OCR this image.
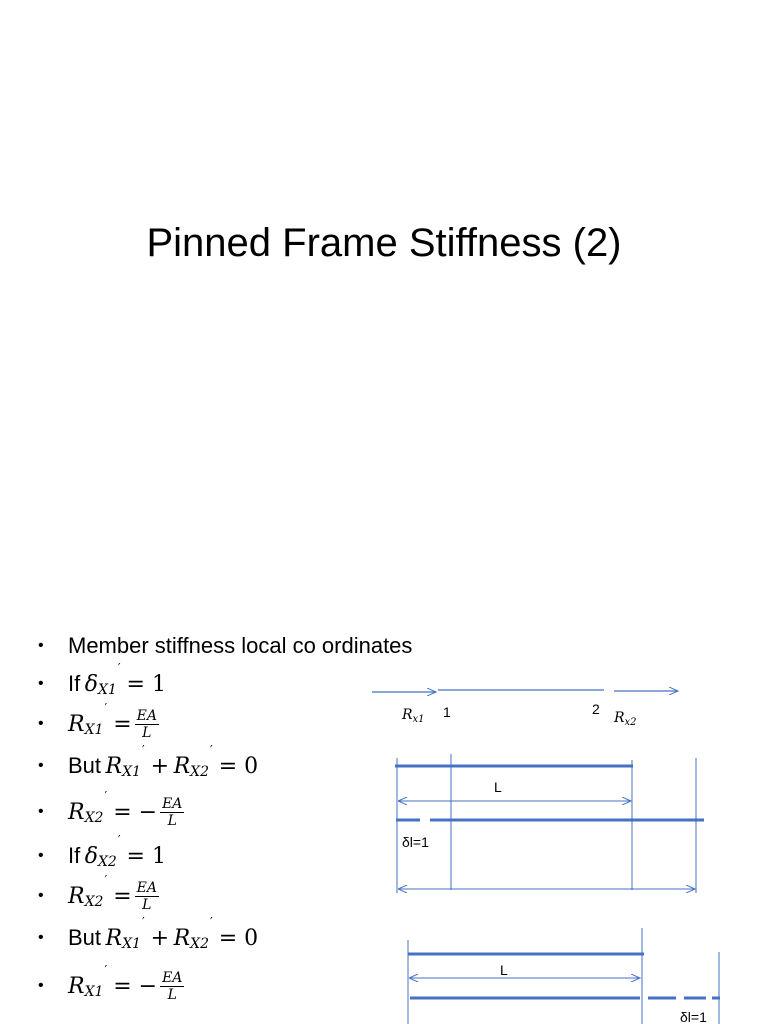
Pinned Frame Stiffness (2)
•	Member stiffness local co ordinates
•	If
δ X1
′
= 1
•	R X1
′
= $\frac{EA}{L}$
•	But
R X1
′
+
R X2
′
= 0
•	R X2
′
= − $\frac{EA}{L}$
•	If
δ X2
′
= 1
•	R X2
′
= $\frac{EA}{L}$
•	But
R X1
′
+
R X2
′
= 0
•	R X1
′
= − $\frac{EA}{L}$
$R_{x1}$ 1	2
$R_{x2}$
L
δl=1
L
δl=1
